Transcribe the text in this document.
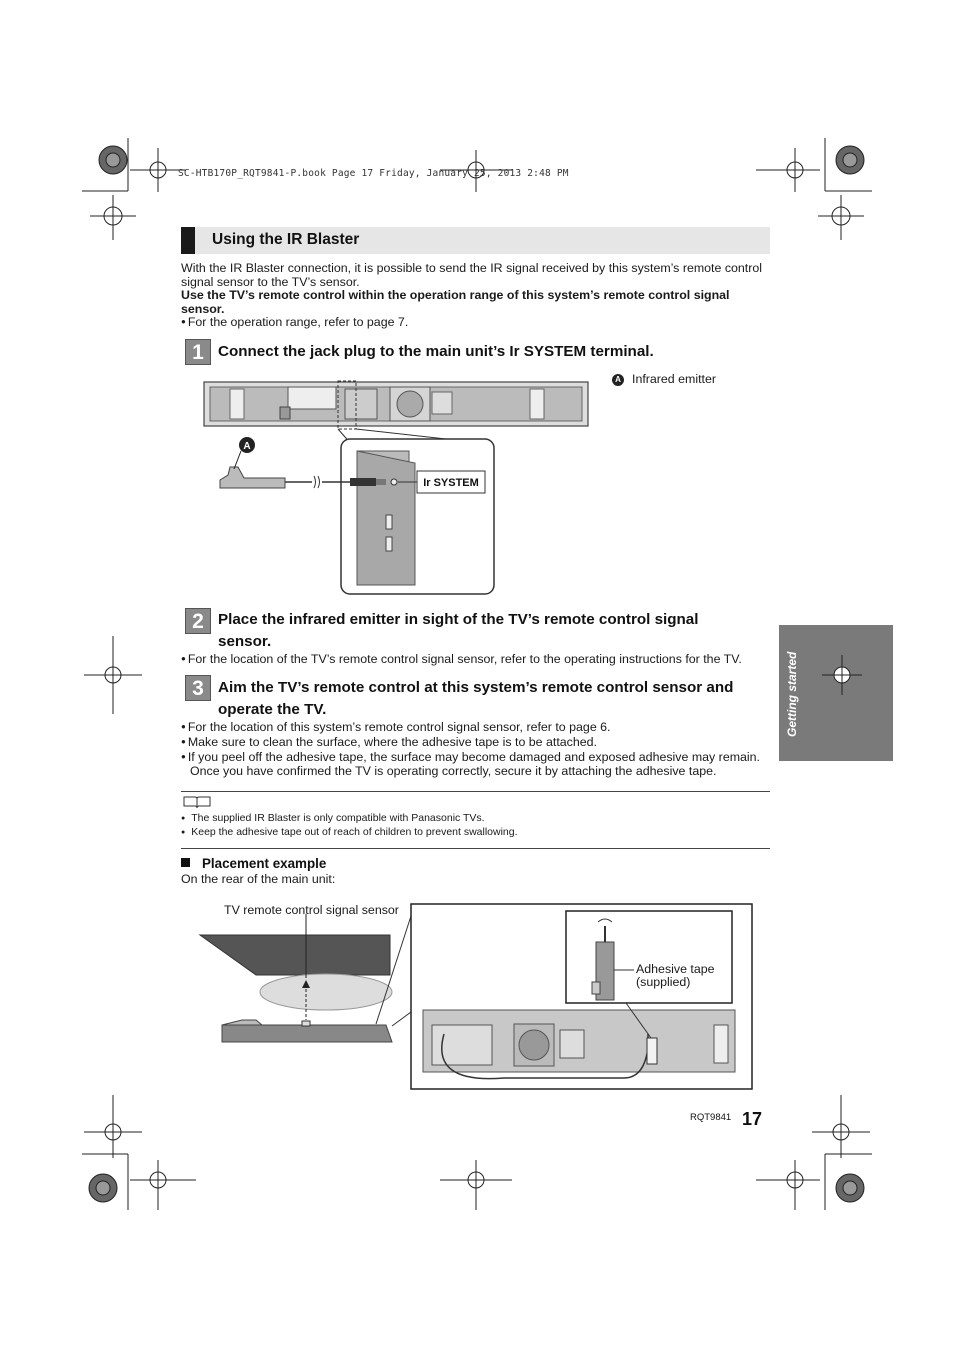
SC-HTB170P_RQT9841-P.book Page 17 Friday, January 25, 2013 2:48 PM
Using the IR Blaster
With the IR Blaster connection, it is possible to send the IR signal received by this system’s remote control signal sensor to the TV’s sensor.
Use the TV’s remote control within the operation range of this system’s remote control signal sensor.
● For the operation range, refer to page 7.
1 Connect the jack plug to the main unit’s Ir SYSTEM terminal.
A
Ir SYSTEM
A Infrared emitter
2 Place the infrared emitter in sight of the TV’s remote control signal sensor.
● For the location of the TV’s remote control signal sensor, refer to the operating instructions for the TV.
3 Aim the TV’s remote control at this system’s remote control sensor and operate the TV.
● For the location of this system’s remote control signal sensor, refer to page 6.
● Make sure to clean the surface, where the adhesive tape is to be attached.
● If you peel off the adhesive tape, the surface may become damaged and exposed adhesive may remain. Once you have confirmed the TV is operating correctly, secure it by attaching the adhesive tape.
● The supplied IR Blaster is only compatible with Panasonic TVs.
● Keep the adhesive tape out of reach of children to prevent swallowing.
Placement example
On the rear of the main unit:
Adhesive tape
(supplied)
TV remote control signal sensor
Getting started
RQT9841 17
